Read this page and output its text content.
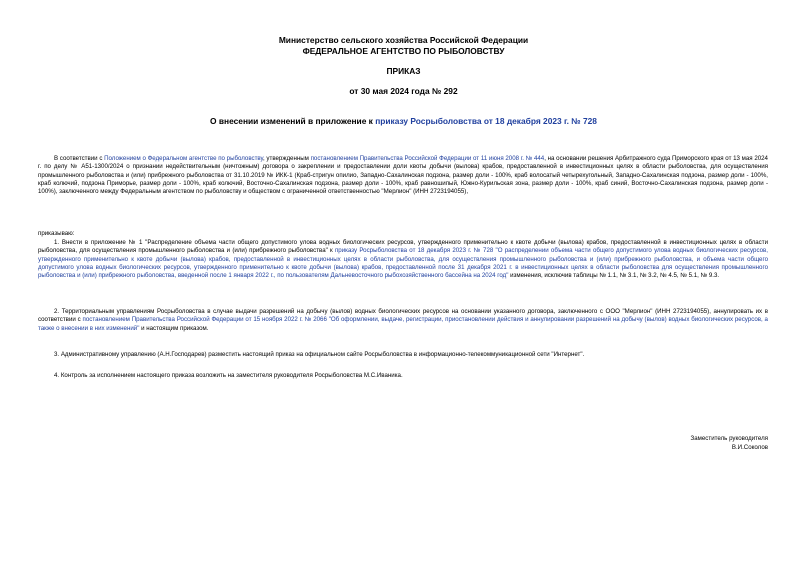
Министерство сельского хозяйства Российской Федерации
ФЕДЕРАЛЬНОЕ АГЕНТСТВО ПО РЫБОЛОВСТВУ
ПРИКАЗ
от 30 мая 2024 года № 292
О внесении изменений в приложение к приказу Росрыболовства от 18 декабря 2023 г. № 728

В соответствии с Положением о Федеральном агентстве по рыболовству, утвержденным постановлением Правительства Российской Федерации от 11 июня 2008 г. № 444, на основании решения Арбитражного суда Приморского края от 13 мая 2024 г. по делу № А51-1300/2024 о признании недействительным (ничтожным) договора о закреплении и предоставлении доли квоты добычи (вылова) крабов, предоставленной в инвестиционных целях в области рыболовства, для осуществления промышленного рыболовства и (или) прибрежного рыболовства от 31.10.2019 № ИКК-1 (Краб-стригун опилио, Западно-Сахалинская подзона, размер доли - 100%, краб волосатый четырехугольный, Западно-Сахалинская подзона, размер доли - 100%, краб колючий, подзона Приморье, размер доли - 100%, краб колючий, Восточно-Сахалинская подзона, размер доли - 100%, краб равношипый, Южно-Курильская зона, размер доли - 100%, краб синий, Восточно-Сахалинская подзона, размер доли - 100%), заключенного между Федеральным агентством по рыболовству и обществом с ограниченной ответственностью "Мерлион" (ИНН 2723194055),

приказываю:

1. Внести в приложение № 1 "Распределение объема части общего допустимого улова водных биологических ресурсов, утвержденного применительно к квоте добычи (вылова) крабов, предоставленной в инвестиционных целях в области рыболовства, для осуществления промышленного рыболовства и (или) прибрежного рыболовства" к приказу Росрыболовства от 18 декабря 2023 г. № 728 "О распределении объема части общего допустимого улова водных биологических ресурсов, утвержденного применительно к квоте добычи (вылова) крабов, предоставленной в инвестиционных целях в области рыболовства, для осуществления промышленного рыболовства и (или) прибрежного рыболовства, и объема части общего допустимого улова водных биологических ресурсов, утвержденного применительно к квоте добычи (вылова) крабов, предоставленной после 31 декабря 2021 г. в инвестиционных целях в области рыболовства для осуществления промышленного рыболовства и (или) прибрежного рыболовства, введенной после 1 января 2022 г., по пользователям Дальневосточного рыбохозяйственного бассейна на 2024 год" изменения, исключив таблицы № 1.1, № 3.1, № 3.2, № 4.5, № 5.1, № 9.3.

2. Территориальным управлениям Росрыболовства в случае выдачи разрешений на добычу (вылов) водных биологических ресурсов на основании указанного договора, заключенного с ООО "Мерлион" (ИНН 2723194055), аннулировать их в соответствии с постановлением Правительства Российской Федерации от 15 ноября 2022 г. № 2066 "Об оформлении, выдаче, регистрации, приостановлении действия и аннулировании разрешений на добычу (вылов) водных биологических ресурсов, а также о внесении в них изменений" и настоящим приказом.

3. Административному управлению (А.Н.Господарев) разместить настоящий приказ на официальном сайте Росрыболовства в информационно-телекоммуникационной сети "Интернет".

4. Контроль за исполнением настоящего приказа возложить на заместителя руководителя Росрыболовства М.С.Иваника.

Заместитель руководителя
В.И.Соколов
